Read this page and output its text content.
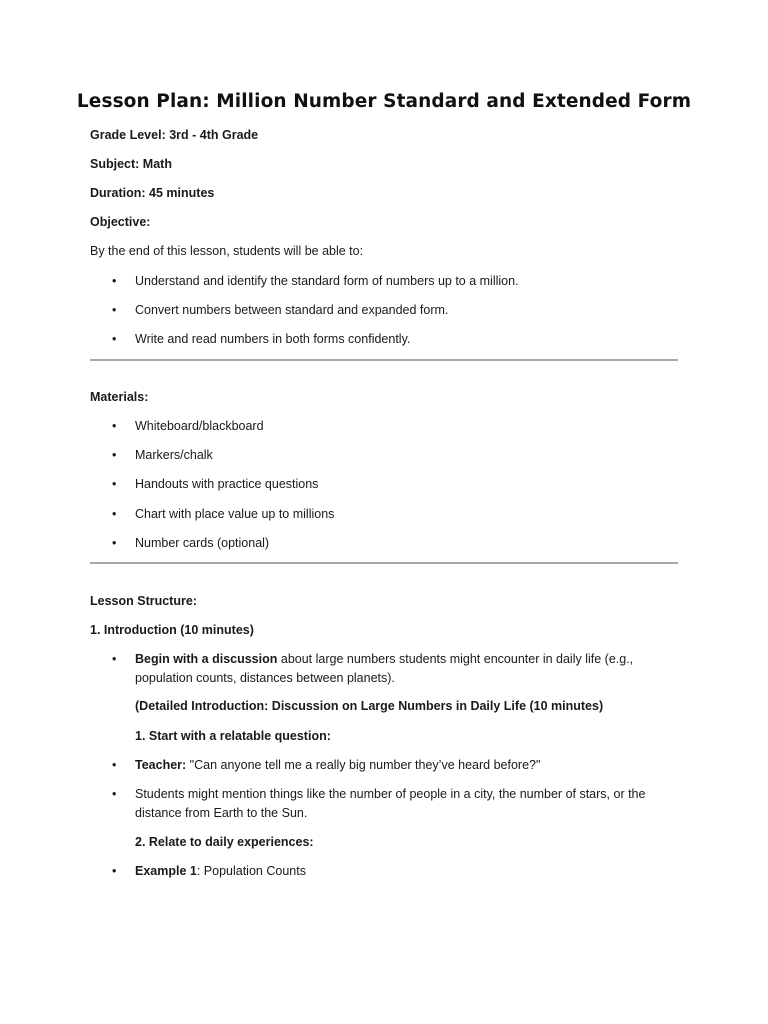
Lesson Plan: Million Number Standard and Extended Form
Grade Level: 3rd - 4th Grade
Subject: Math
Duration: 45 minutes
Objective:
By the end of this lesson, students will be able to:
• Understand and identify the standard form of numbers up to a million.
• Convert numbers between standard and expanded form.
• Write and read numbers in both forms confidently.
Materials:
• Whiteboard/blackboard
• Markers/chalk
• Handouts with practice questions
• Chart with place value up to millions
• Number cards (optional)
Lesson Structure:
1. Introduction (10 minutes)
• Begin with a discussion about large numbers students might encounter in daily life (e.g., population counts, distances between planets).
(Detailed Introduction: Discussion on Large Numbers in Daily Life (10 minutes)
1. Start with a relatable question:
• Teacher: "Can anyone tell me a really big number they’ve heard before?"
• Students might mention things like the number of people in a city, the number of stars, or the distance from Earth to the Sun.
2. Relate to daily experiences:
• Example 1: Population Counts
